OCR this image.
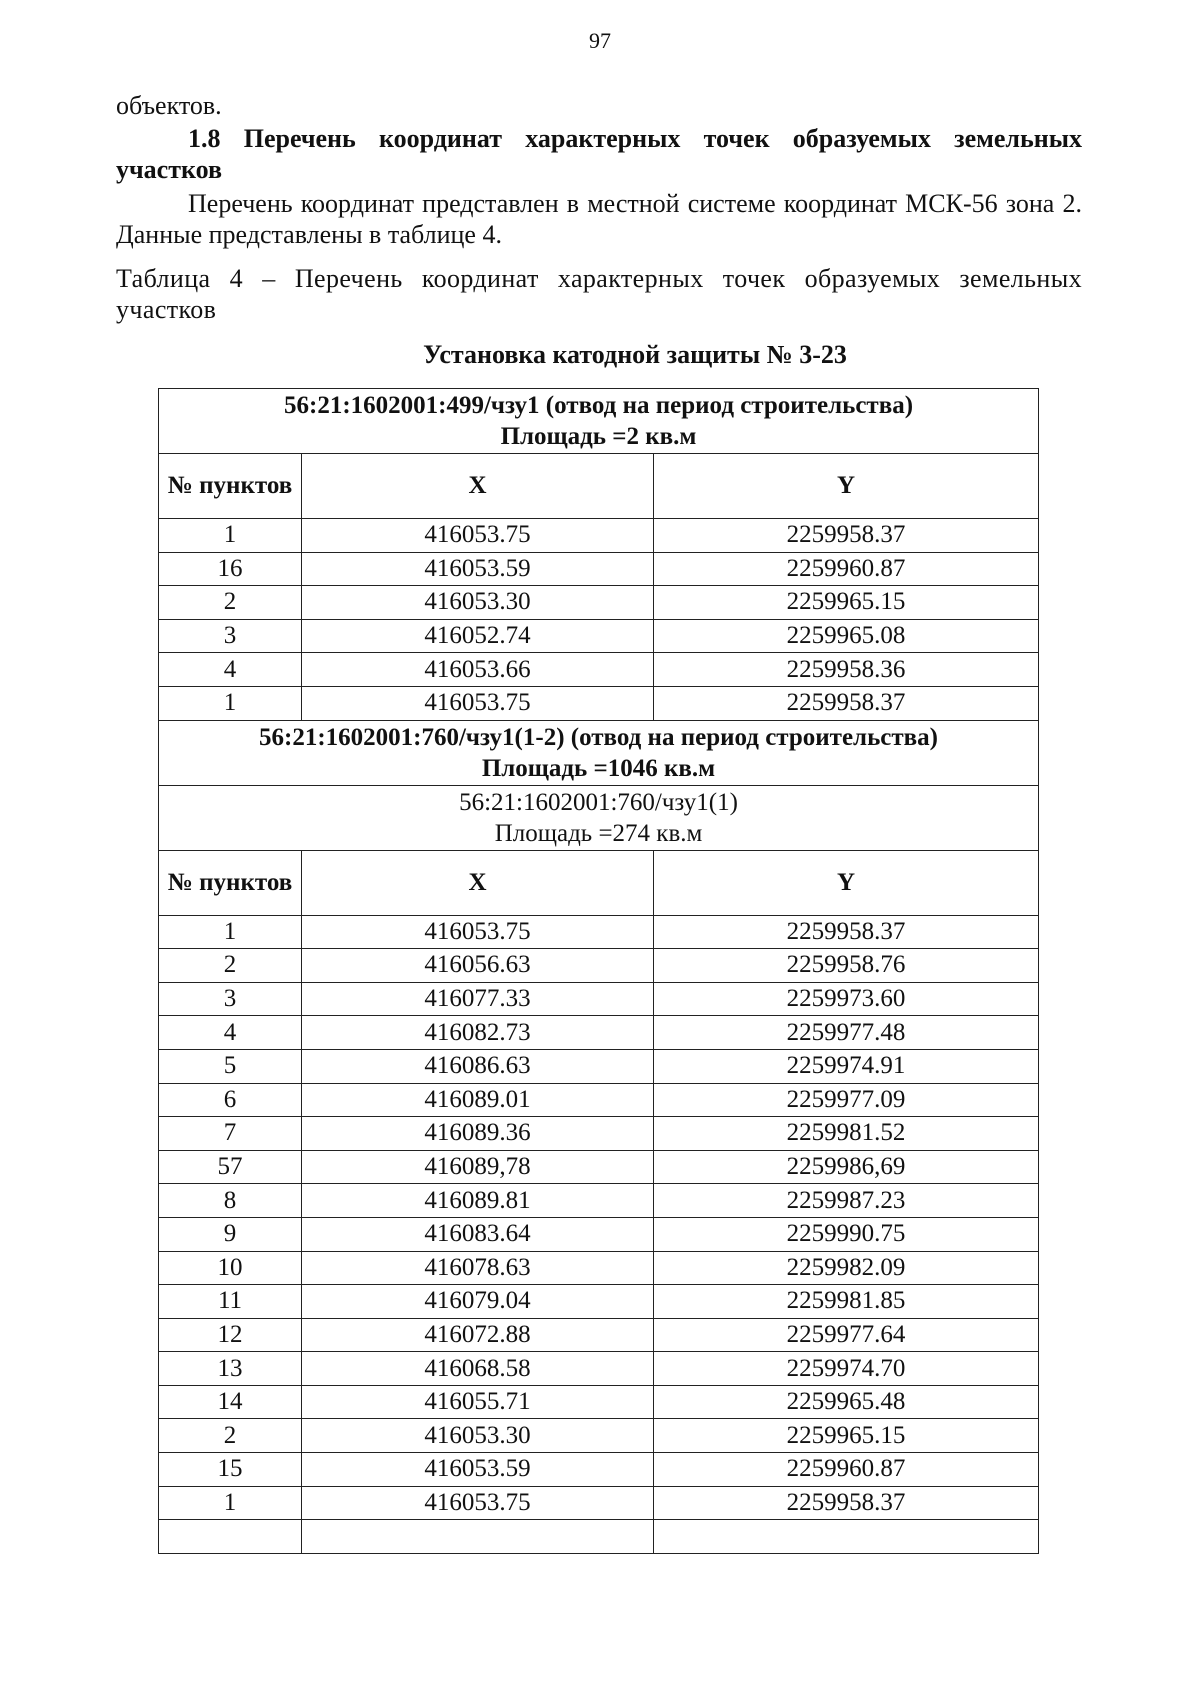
97
объектов.
1.8 Перечень координат характерных точек образуемых земельных участков
Перечень координат представлен в местной системе координат МСК-56 зона 2. Данные представлены в таблице 4.
Таблица 4 – Перечень координат характерных точек образуемых земельных участков
Установка катодной защиты № 3-23
56:21:1602001:499/чзу1 (отвод на период строительства)
Площадь =2 кв.м		
№ пунктов	X	Y
1	416053.75	2259958.37
16	416053.59	2259960.87
2	416053.30	2259965.15
3	416052.74	2259965.08
4	416053.66	2259958.36
1	416053.75	2259958.37
56:21:1602001:760/чзу1(1-2) (отвод на период строительства)
Площадь =1046 кв.м		
56:21:1602001:760/чзу1(1)
Площадь =274 кв.м		
№ пунктов	X	Y
1	416053.75	2259958.37
2	416056.63	2259958.76
3	416077.33	2259973.60
4	416082.73	2259977.48
5	416086.63	2259974.91
6	416089.01	2259977.09
7	416089.36	2259981.52
57	416089,78	2259986,69
8	416089.81	2259987.23
9	416083.64	2259990.75
10	416078.63	2259982.09
11	416079.04	2259981.85
12	416072.88	2259977.64
13	416068.58	2259974.70
14	416055.71	2259965.48
2	416053.30	2259965.15
15	416053.59	2259960.87
1	416053.75	2259958.37
